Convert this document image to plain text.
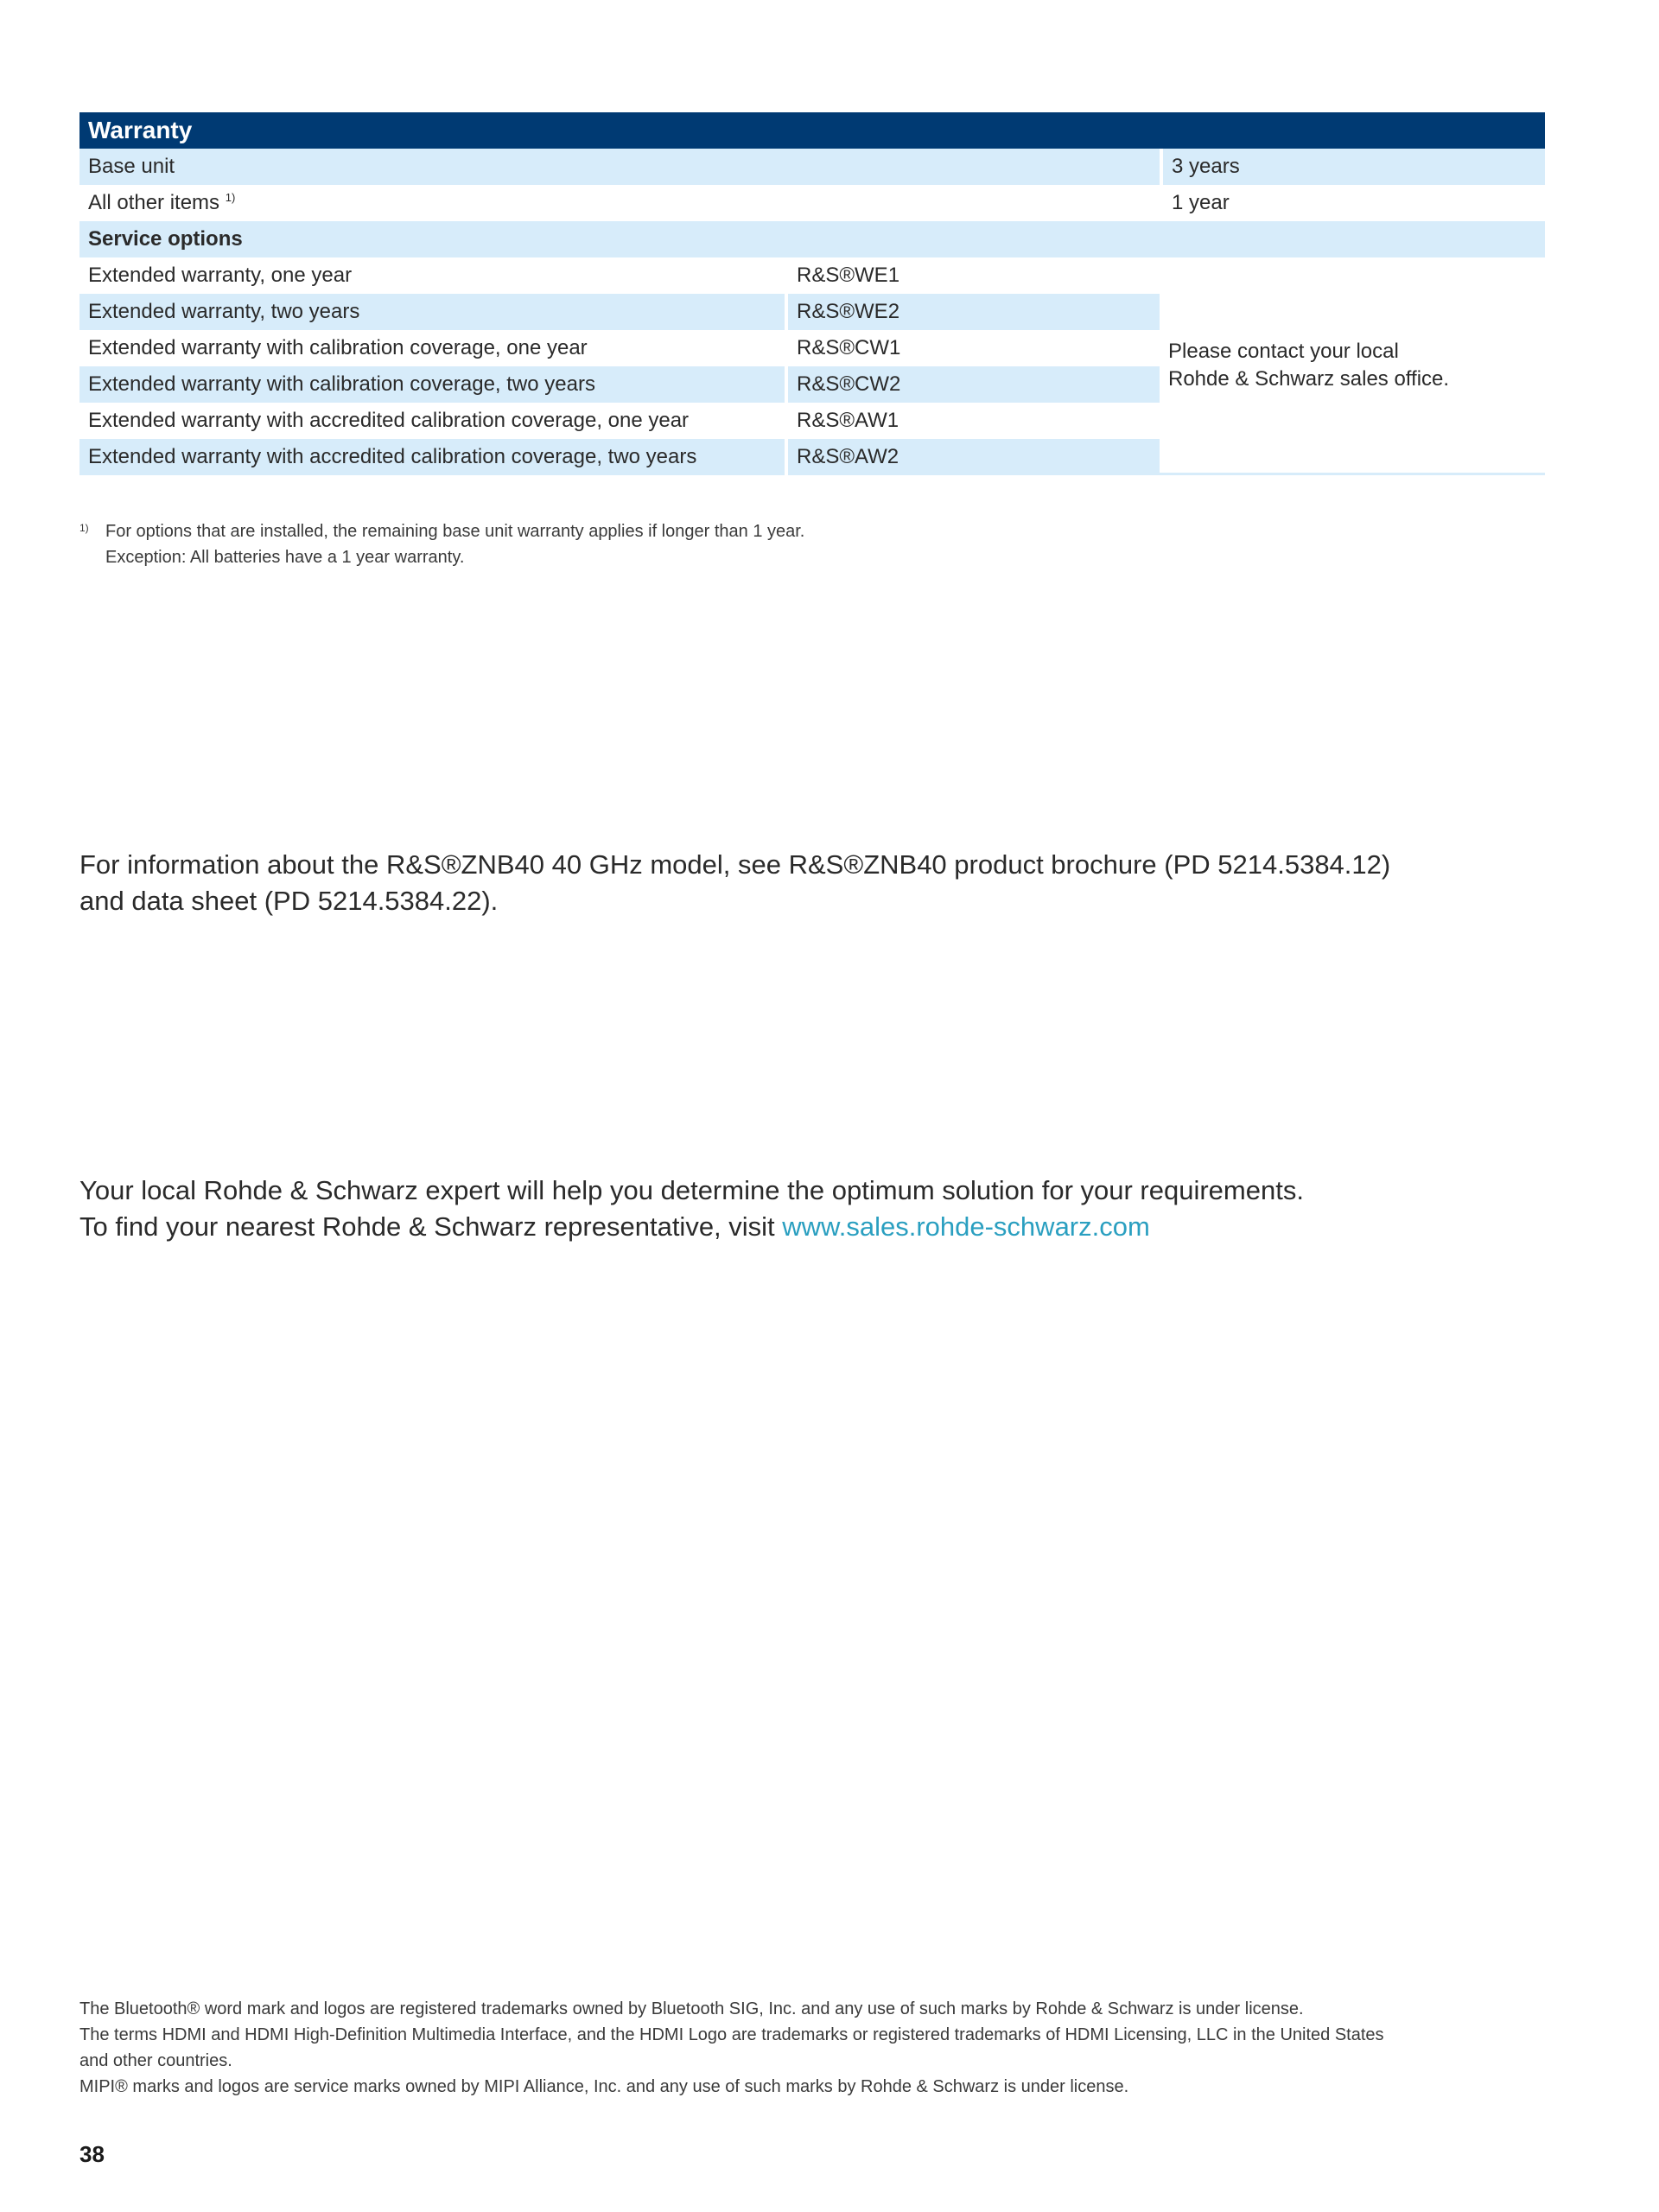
Warranty		
Base unit		3 years
All other items $^{1)}$		1 year
Service options		
Extended warranty, one year	R&S®WE1	Please contact your local
Rohde & Schwarz sales office.

Extended warranty, two years	R&S®WE2	
Extended warranty with calibration coverage, one year	R&S®CW1	
Extended warranty with calibration coverage, two years	R&S®CW2	
Extended warranty with accredited calibration coverage, one year	R&S®AW1	
Extended warranty with accredited calibration coverage, two years	R&S®AW2	
1) For options that are installed, the remaining base unit warranty applies if longer than 1 year.
Exception: All batteries have a 1 year warranty.
For information about the R&S®ZNB40 40 GHz model, see R&S®ZNB40 product brochure (PD 5214.5384.12)
and data sheet (PD 5214.5384.22).
Your local Rohde & Schwarz expert will help you determine the optimum solution for your requirements.
To find your nearest Rohde & Schwarz representative, visit www.sales.rohde-schwarz.com

The Bluetooth® word mark and logos are registered trademarks owned by Bluetooth SIG, Inc. and any use of such marks by Rohde & Schwarz is under license.

The terms HDMI and HDMI High-Definition Multimedia Interface, and the HDMI Logo are trademarks or registered trademarks of HDMI Licensing, LLC in the United States

and other countries.

MIPI® marks and logos are service marks owned by MIPI Alliance, Inc. and any use of such marks by Rohde & Schwarz is under license.

38
